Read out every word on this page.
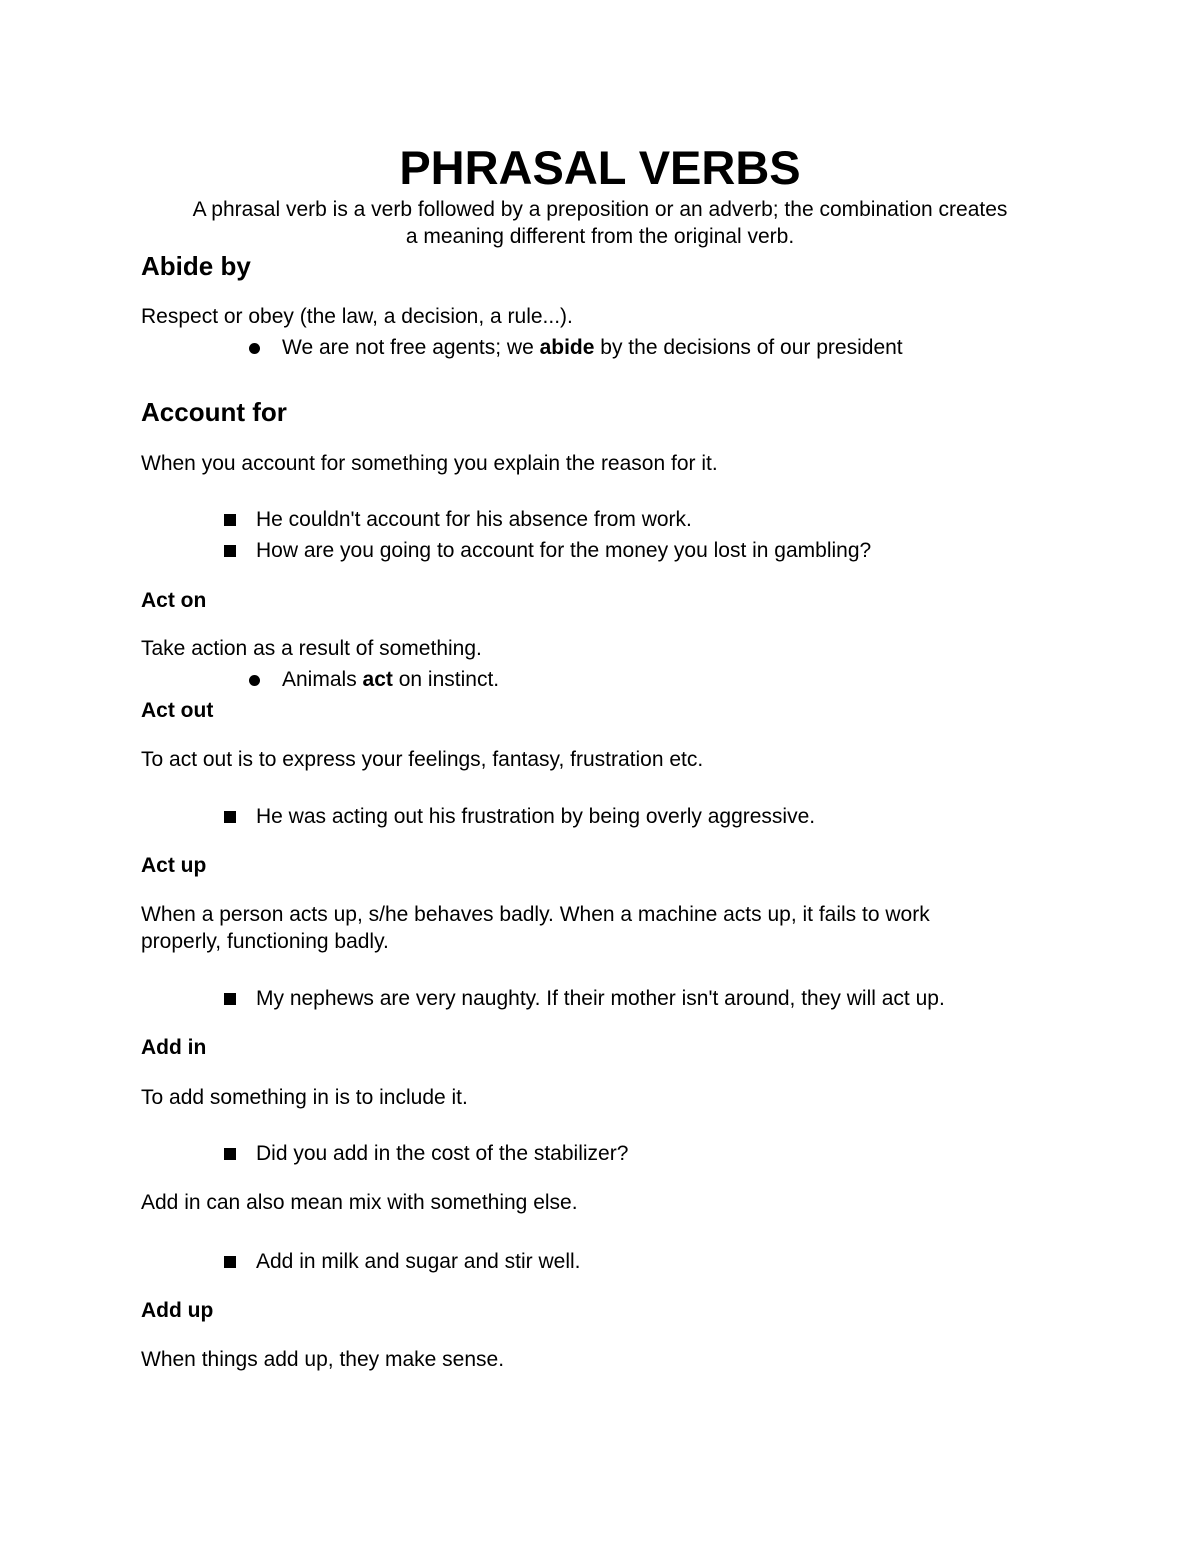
PHRASAL VERBS
A phrasal verb is a verb followed by a preposition or an adverb; the combination creates
a meaning different from the original verb.
Abide by
Respect or obey (the law, a decision, a rule...).
We are not free agents; we abide by the decisions of our president
Account for
When you account for something you explain the reason for it.
He couldn't account for his absence from work.
How are you going to account for the money you lost in gambling?
Act on
Take action as a result of something.
Animals act on instinct.
Act out
To act out is to express your feelings, fantasy, frustration etc.
He was acting out his frustration by being overly aggressive.
Act up
When a person acts up, s/he behaves badly. When a machine acts up, it fails to work
properly, functioning badly.
My nephews are very naughty. If their mother isn't around, they will act up.
Add in
To add something in is to include it.
Did you add in the cost of the stabilizer?
Add in can also mean mix with something else.
Add in milk and sugar and stir well.
Add up
When things add up, they make sense.
